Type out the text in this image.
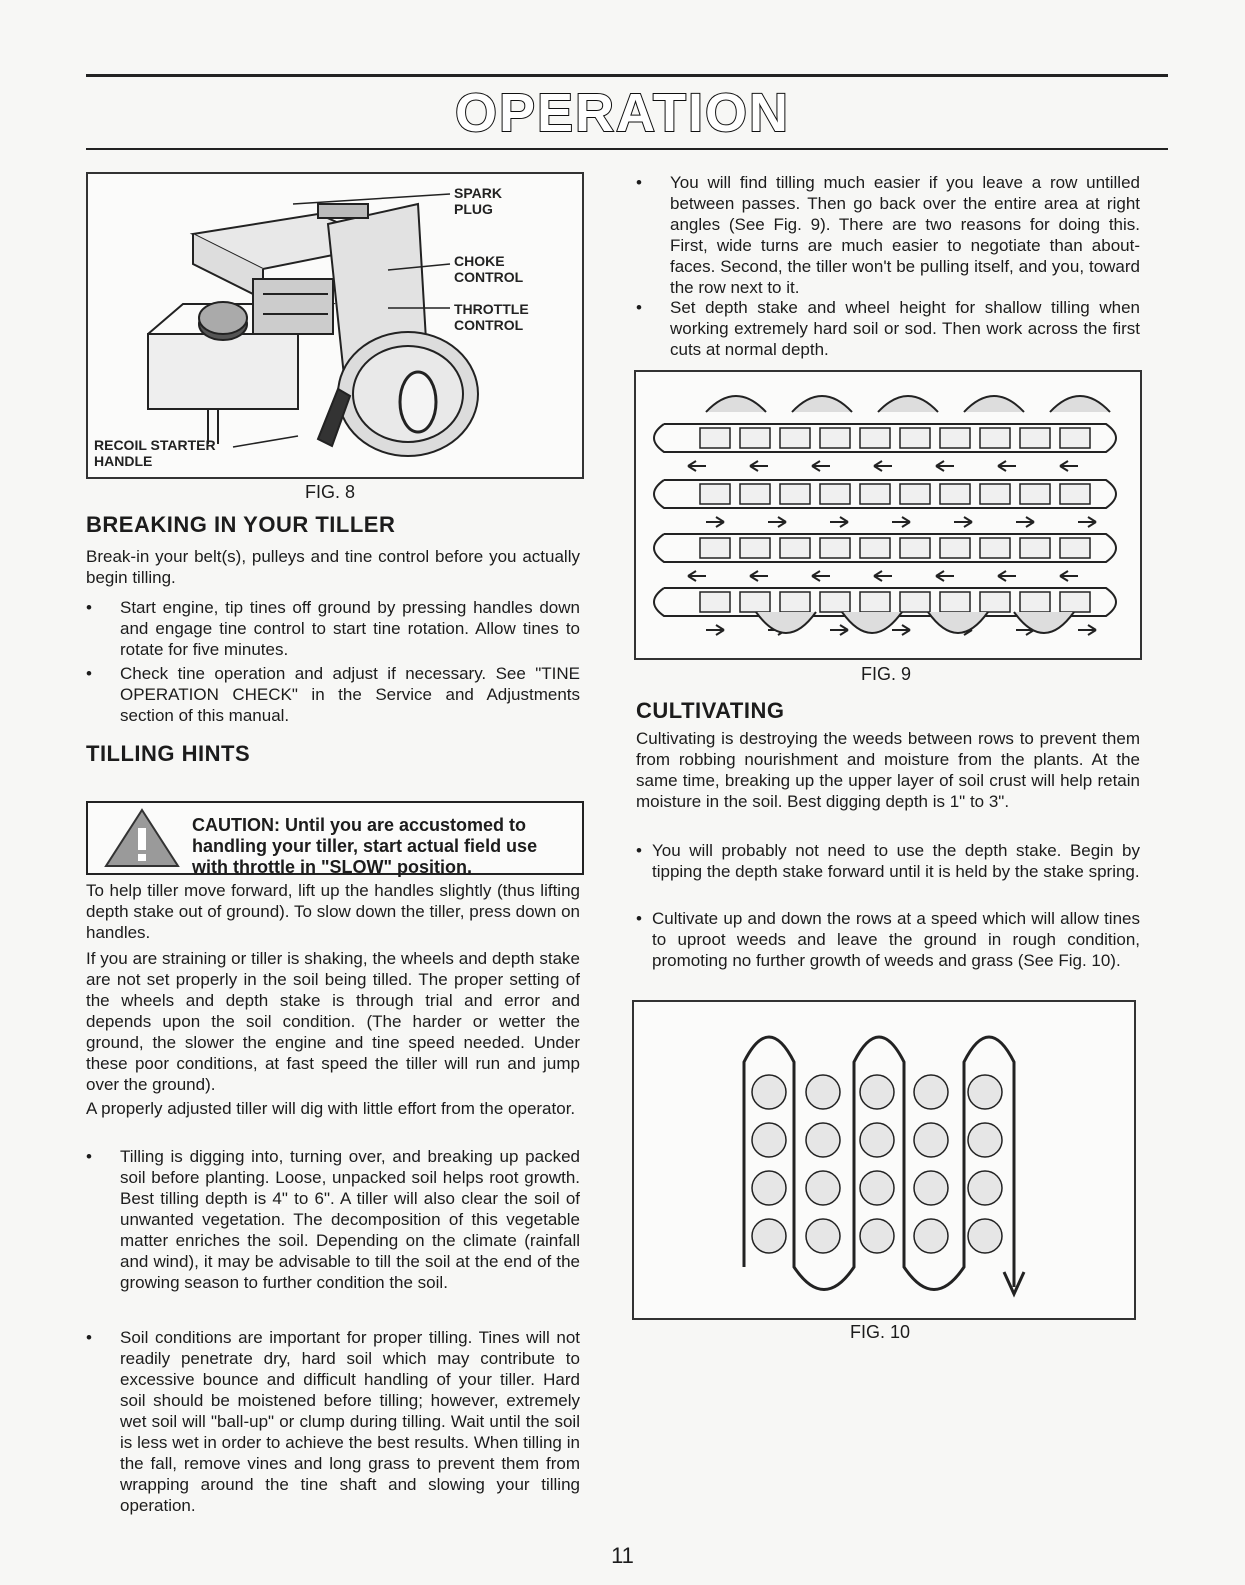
OPERATION
SPARK
PLUG
CHOKE
CONTROL
THROTTLE
CONTROL
RECOIL STARTER
HANDLE
FIG. 8
BREAKING IN YOUR TILLER

Break-in your belt(s), pulleys and tine control before you actually begin tilling.

• Start engine, tip tines off ground by pressing handles down and engage tine control to start tine rotation. Allow tines to rotate for five minutes.
• Check tine operation and adjust if necessary. See "TINE OPERATION CHECK" in the Service and Adjustments section of this manual.
TILLING HINTS
CAUTION: Until you are accustomed to handling your tiller, start actual field use with throttle in "SLOW" position.

To help tiller move forward, lift up the handles slightly (thus lifting depth stake out of ground). To slow down the tiller, press down on handles.

If you are straining or tiller is shaking, the wheels and depth stake are not set properly in the soil being tilled. The proper setting of the wheels and depth stake is through trial and error and depends upon the soil condition. (The harder or wetter the ground, the slower the engine and tine speed needed. Under these poor conditions, at fast speed the tiller will run and jump over the ground).

A properly adjusted tiller will dig with little effort from the operator.

• Tilling is digging into, turning over, and breaking up packed soil before planting. Loose, unpacked soil helps root growth. Best tilling depth is 4" to 6". A tiller will also clear the soil of unwanted vegetation. The decomposition of this vegetable matter enriches the soil. Depending on the climate (rainfall and wind), it may be advisable to till the soil at the end of the growing season to further condition the soil.
• Soil conditions are important for proper tilling. Tines will not readily penetrate dry, hard soil which may contribute to excessive bounce and difficult handling of your tiller. Hard soil should be moistened before tilling; however, extremely wet soil will "ball-up" or clump during tilling. Wait until the soil is less wet in order to achieve the best results. When tilling in the fall, remove vines and long grass to prevent them from wrapping around the tine shaft and slowing your tilling operation.
• You will find tilling much easier if you leave a row untilled between passes. Then go back over the entire area at right angles (See Fig. 9). There are two reasons for doing this. First, wide turns are much easier to negotiate than about-faces. Second, the tiller won't be pulling itself, and you, toward the row next to it.
• Set depth stake and wheel height for shallow tilling when working extremely hard soil or sod. Then work across the first cuts at normal depth.
FIG. 9
CULTIVATING

Cultivating is destroying the weeds between rows to prevent them from robbing nourishment and moisture from the plants. At the same time, breaking up the upper layer of soil crust will help retain moisture in the soil. Best digging depth is 1" to 3".

• You will probably not need to use the depth stake. Begin by tipping the depth stake forward until it is held by the stake spring.
• Cultivate up and down the rows at a speed which will allow tines to uproot weeds and leave the ground in rough condition, promoting no further growth of weeds and grass (See Fig. 10).
FIG. 10
11
